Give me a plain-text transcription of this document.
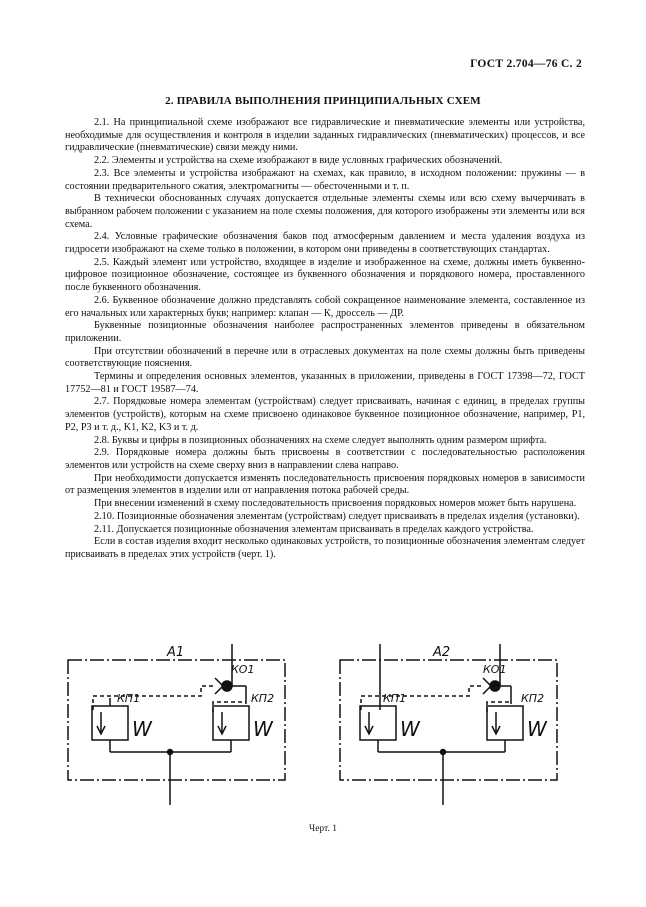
ГОСТ 2.704—76 С. 2
2. ПРАВИЛА ВЫПОЛНЕНИЯ ПРИНЦИПИАЛЬНЫХ СХЕМ

2.1. На принципиальной схеме изображают все гидравлические и пневматические элементы или устройства, необходимые для осуществления и контроля в изделии заданных гидравлических (пневматических) процессов, и все гидравлические (пневматические) связи между ними.

2.2. Элементы и устройства на схеме изображают в виде условных графических обозначений.

2.3. Все элементы и устройства изображают на схемах, как правило, в исходном положении: пружины — в состоянии предварительного сжатия, электромагниты — обесточенными и т. п.

В технически обоснованных случаях допускается отдельные элементы схемы или всю схему вычерчивать в выбранном рабочем положении с указанием на поле схемы положения, для которого изображены эти элементы или вся схема.

2.4. Условные графические обозначения баков под атмосферным давлением и места удаления воздуха из гидросети изображают на схеме только в положении, в котором они приведены в соответствующих стандартах.

2.5. Каждый элемент или устройство, входящее в изделие и изображенное на схеме, должны иметь буквенно-цифровое позиционное обозначение, состоящее из буквенного обозначения и порядкового номера, проставленного после буквенного обозначения.

2.6. Буквенное обозначение должно представлять собой сокращенное наименование элемента, составленное из его начальных или характерных букв; например: клапан — К, дроссель — ДР.

Буквенные позиционные обозначения наиболее распространенных элементов приведены в обязательном приложении.

При отсутствии обозначений в перечне или в отраслевых документах на поле схемы должны быть приведены соответствующие пояснения.

Термины и определения основных элементов, указанных в приложении, приведены в ГОСТ 17398—72, ГОСТ 17752—81 и ГОСТ 19587—74.

2.7. Порядковые номера элементам (устройствам) следует присваивать, начиная с единиц, в пределах группы элементов (устройств), которым на схеме присвоено одинаковое буквенное позиционное обозначение, например, P1, P2, P3 и т. д., K1, K2, K3 и т. д.

2.8. Буквы и цифры в позиционных обозначениях на схеме следует выполнять одним размером шрифта.

2.9. Порядковые номера должны быть присвоены в соответствии с последовательностью расположения элементов или устройств на схеме сверху вниз в направлении слева направо.

При необходимости допускается изменять последовательность присвоения порядковых номеров в зависимости от размещения элементов в изделии или от направления потока рабочей среды.

При внесении изменений в схему последовательность присвоения порядковых номеров может быть нарушена.

2.10. Позиционные обозначения элементам (устройствам) следует присваивать в пределах изделия (установки).

2.11. Допускается позиционные обозначения элементам присваивать в пределах каждого устройства.

Если в состав изделия входит несколько одинаковых устройств, то позиционные обозначения элементам следует присваивать в пределах этих устройств (черт. 1).

А1
КО1
КП1	КП2
W	W
А2
КО1
КП1	КП2
W	W
Черт. 1
